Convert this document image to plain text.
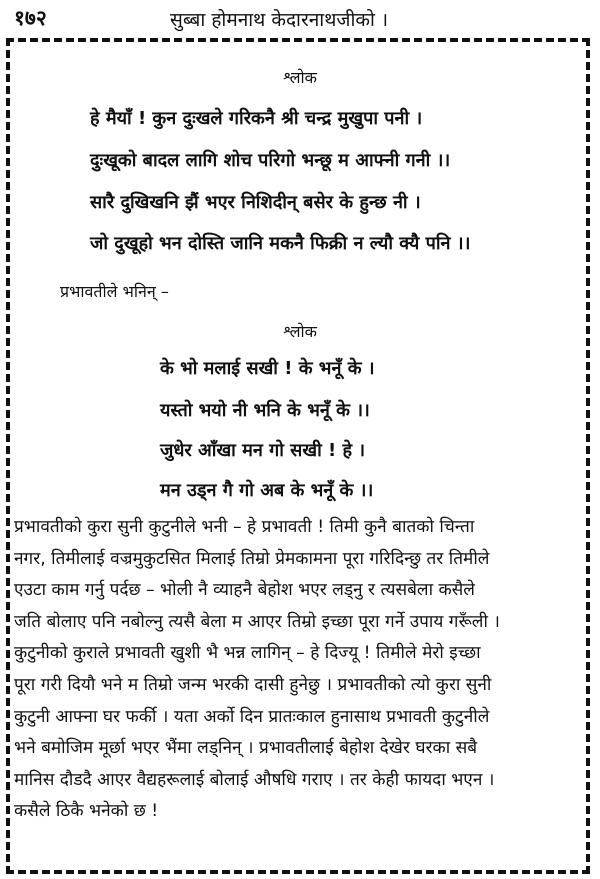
१७२	सुब्बा होमनाथ केदारनाथजीको ।
श्लोक
हे मैयाँ ! कुन दुःखले गरिकनै श्री चन्द्र मुखुपा पनी ।
दुःखूको बादल लागि शोच परिगो भन्छू म आफ्नी गनी ।।
सारै दुखिखनि झैं भएर निशिदीन् बसेर के हुन्छ नी ।
जो दुखूहो भन दोस्ति जानि मकनै फिक्री न ल्यौ क्यै पनि ।।
प्रभावतीले भनिन् –
श्लोक
के भो मलाई सखी ! के भनूँ के ।
यस्तो भयो नी भनि के भनूँ के ।।
जुधेर आँखा मन गो सखी ! हे ।
मन उड्न गै गो अब के भनूँ के ।।
प्रभावतीको कुरा सुनी कुटुनीले भनी – हे प्रभावती ! तिमी कुनै बातको चिन्ता
नगर, तिमीलाई वज्रमुकुटसित मिलाई तिम्रो प्रेमकामना पूरा गरिदिन्छु तर तिमीले
एउटा काम गर्नु पर्दछ – भोली नै व्याहनै बेहोश भएर लड्नु र त्यसबेला कसैले
जति बोलाए पनि नबोल्नु त्यसै बेला म आएर तिम्रो इच्छा पूरा गर्ने उपाय गरूँली ।
कुटुनीको कुराले प्रभावती खुशी भै भन्न लागिन् – हे दिज्यू ! तिमीले मेरो इच्छा
पूरा गरी दियौ भने म तिम्रो जन्म भरकी दासी हुनेछु । प्रभावतीको त्यो कुरा सुनी
कुटुनी आफ्ना घर फर्की । यता अर्को दिन प्रातःकाल हुनासाथ प्रभावती कुटुनीले
भने बमोजिम मूर्छा भएर भैंमा लड्निन् । प्रभावतीलाई बेहोश देखेर घरका सबै
मानिस दौडदै आएर वैद्यहरूलाई बोलाई औषधि गराए । तर केही फायदा भएन ।
कसैले ठिकै भनेको छ !
